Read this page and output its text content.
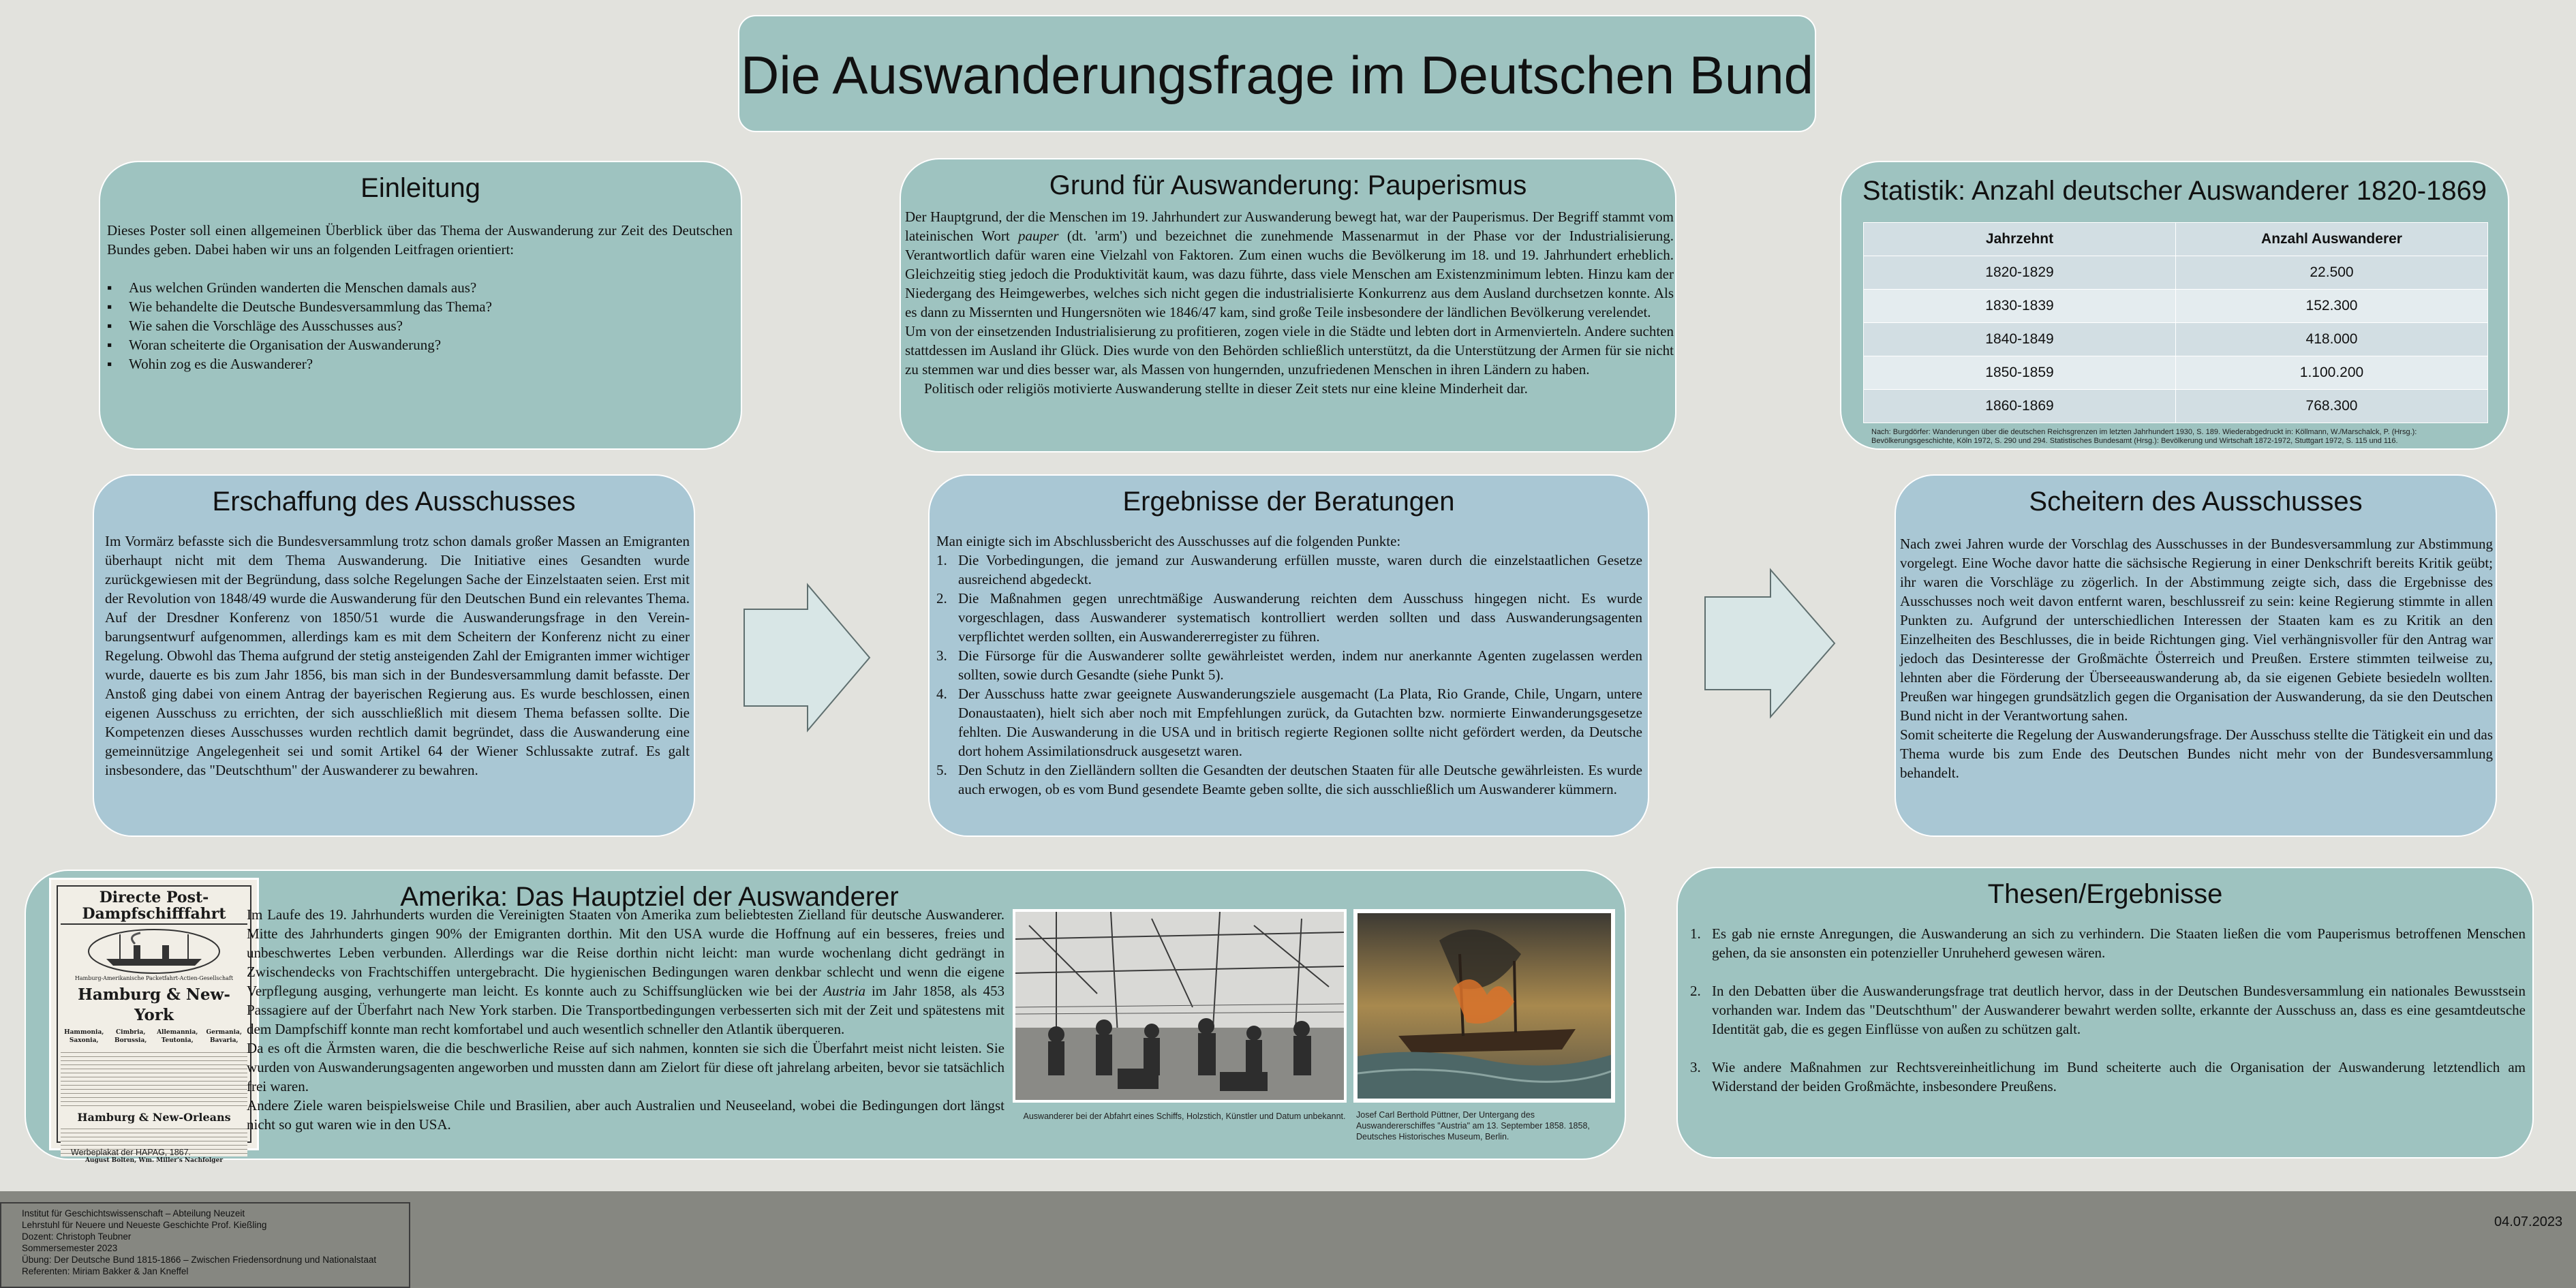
Die Auswanderungsfrage im Deutschen Bund
Einleitung

Dieses Poster soll einen allgemeinen Überblick über das Thema der Auswanderung zur Zeit des Deutschen Bundes geben. Dabei haben wir uns an folgenden Leitfragen orientiert:

▪ Aus welchen Gründen wanderten die Menschen damals aus?
▪ Wie behandelte die Deutsche Bundesversammlung das Thema?
▪ Wie sahen die Vorschläge des Ausschusses aus?
▪ Woran scheiterte die Organisation der Auswanderung?
▪ Wohin zog es die Auswanderer?
Grund für Auswanderung: Pauperismus

Der Hauptgrund, der die Menschen im 19. Jahrhundert zur Auswanderung bewegt hat, war der Pauperismus. Der Begriff stammt vom lateinischen Wort pauper (dt. 'arm') und bezeichnet die zunehmende Massenarmut in der Phase vor der Industrialisierung. Verantwortlich dafür waren eine Vielzahl von Faktoren. Zum einen wuchs die Bevölkerung im 18. und 19. Jahrhundert erheblich. Gleichzeitig stieg jedoch die Produktivität kaum, was dazu führte, dass viele Menschen am Existenzminimum lebten. Hinzu kam der Niedergang des Heimgewerbes, welches sich nicht gegen die industrialisierte Konkurrenz aus dem Ausland durchsetzen konnte. Als es dann zu Missernten und Hungersnöten wie 1846/47 kam, sind große Teile insbesondere der ländlichen Bevölkerung verelendet.

Um von der einsetzenden Industrialisierung zu profitieren, zogen viele in die Städte und lebten dort in Armenvierteln. Andere suchten stattdessen im Ausland ihr Glück. Dies wurde von den Behörden schließlich unterstützt, da die Unterstützung der Armen für sie nicht zu stemmen war und dies besser war, als Massen von hungernden, unzufriedenen Menschen in ihren Ländern zu haben.

Politisch oder religiös motivierte Auswanderung stellte in dieser Zeit stets nur eine kleine Minderheit dar.

Statistik: Anzahl deutscher Auswanderer 1820-1869
Jahrzehnt	Anzahl Auswanderer
1820-1829	22.500
1830-1839	152.300
1840-1849	418.000
1850-1859	1.100.200
1860-1869	768.300
Nach: Burgdörfer: Wanderungen über die deutschen Reichsgrenzen im letzten Jahrhundert 1930, S. 189. Wiederabgedruckt in: Köllmann, W./Marschalck, P. (Hrsg.): Bevölkerungsgeschichte, Köln 1972, S. 290 und 294. Statistisches Bundesamt (Hrsg.): Bevölkerung und Wirtschaft 1872-1972, Stuttgart 1972, S. 115 und 116.
Erschaffung des Ausschusses
Im Vormärz befasste sich die Bundesversammlung trotz schon damals großer Massen an Emigranten überhaupt nicht mit dem Thema Auswanderung. Die Initiative eines Gesandten wurde zurückgewiesen mit der Begründung, dass solche Regelungen Sache der Einzelstaaten seien. Erst mit der Revolution von 1848/49 wurde die Auswanderung für den Deutschen Bund ein relevantes Thema. Auf der Dresdner Konferenz von 1850/51 wurde die Auswanderungsfrage in den Vereinbarungsentwurf aufgenommen, allerdings kam es mit dem Scheitern der Konferenz nicht zu einer Regelung. Obwohl das Thema aufgrund der stetig ansteigenden Zahl der Emigranten immer wichtiger wurde, dauerte es bis zum Jahr 1856, bis man sich in der Bundesversammlung damit befasste. Der Anstoß ging dabei von einem Antrag der bayerischen Regierung aus. Es wurde beschlossen, einen eigenen Ausschuss zu errichten, der sich ausschließlich mit diesem Thema befassen sollte. Die Kompetenzen dieses Ausschusses wurden rechtlich damit begründet, dass die Auswanderung eine gemeinnützige Angelegenheit sei und somit Artikel 64 der Wiener Schlussakte zutraf. Es galt insbesondere, das "Deutschthum" der Auswanderer zu bewahren.
Ergebnisse der Beratungen

Man einigte sich im Abschlussbericht des Ausschusses auf die folgenden Punkte:

1. Die Vorbedingungen, die jemand zur Auswanderung erfüllen musste, waren durch die einzelstaatlichen Gesetze ausreichend abgedeckt.
2. Die Maßnahmen gegen unrechtmäßige Auswanderung reichten dem Ausschuss hingegen nicht. Es wurde vorgeschlagen, dass Auswanderer systematisch kontrolliert werden sollten und dass Auswanderungsagenten verpflichtet werden sollten, ein Auswandererregister zu führen.
3. Die Fürsorge für die Auswanderer sollte gewährleistet werden, indem nur anerkannte Agenten zugelassen werden sollten, sowie durch Gesandte (siehe Punkt 5).
4. Der Ausschuss hatte zwar geeignete Auswanderungsziele ausgemacht (La Plata, Rio Grande, Chile, Ungarn, untere Donaustaaten), hielt sich aber noch mit Empfehlungen zurück, da Gutachten bzw. normierte Einwanderungsgesetze fehlten. Die Auswanderung in die USA und in britisch regierte Regionen sollte nicht gefördert werden, da Deutsche dort hohem Assimilationsdruck ausgesetzt waren.
5. Den Schutz in den Zielländern sollten die Gesandten der deutschen Staaten für alle Deutsche gewährleisten. Es wurde auch erwogen, ob es vom Bund gesendete Beamte geben sollte, die sich ausschließlich um Auswanderer kümmern.
Scheitern des Ausschusses

Nach zwei Jahren wurde der Vorschlag des Ausschusses in der Bundesversammlung zur Abstimmung vorgelegt. Eine Woche davor hatte die sächsische Regierung in einer Denkschrift bereits Kritik geübt; ihr waren die Vorschläge zu zögerlich. In der Abstimmung zeigte sich, dass die Ergebnisse des Ausschusses noch weit davon entfernt waren, beschlussreif zu sein: keine Regierung stimmte in allen Punkten zu. Aufgrund der unterschiedlichen Interessen der Staaten kam es zu Kritik an den Einzelheiten des Beschlusses, die in beide Richtungen ging. Viel verhängnisvoller für den Antrag war jedoch das Desinteresse der Großmächte Österreich und Preußen. Erstere stimmten teilweise zu, lehnten aber die Förderung der Überseeauswanderung ab, da sie eigenen Gebiete besiedeln wollten. Preußen war hingegen grundsätzlich gegen die Organisation der Auswanderung, da sie den Deutschen Bund nicht in der Verantwortung sahen.

Somit scheiterte die Regelung der Auswanderungsfrage. Der Ausschuss stellte die Tätigkeit ein und das Thema wurde bis zum Ende des Deutschen Bundes nicht mehr von der Bundesversammlung behandelt.

Amerika: Das Hauptziel der Auswanderer
Directe Post-Dampfschifffahrt
Hamburg-Amerikanische Packetfahrt-Actien-Gesellschaft
Hamburg & New-York
Hammonia,	Cimbria,	Allemannia,	Germania,
Saxonia,	Borussia,	Teutonia,	Bavaria,
Hamburg & New-Orleans
August Bolten, Wm. Miller's Nachfolger
Werbeplakat der HAPAG, 1867.

Im Laufe des 19. Jahrhunderts wurden die Vereinigten Staaten von Amerika zum beliebtesten Zielland für deutsche Auswanderer. Mitte des Jahrhunderts gingen 90% der Emigranten dorthin. Mit den USA wurde die Hoffnung auf ein besseres, freies und unbeschwertes Leben verbunden. Allerdings war die Reise dorthin nicht leicht: man wurde wochenlang dicht gedrängt in Zwischendecks von Frachtschiffen untergebracht. Die hygienischen Bedingungen waren denkbar schlecht und wenn die eigene Verpflegung ausging, verhungerte man leicht. Es konnte auch zu Schiffsunglücken wie bei der Austria im Jahr 1858, als 453 Passagiere auf der Überfahrt nach New York starben. Die Transportbedingungen verbesserten sich mit der Zeit und spätestens mit dem Dampfschiff konnte man recht komfortabel und auch wesentlich schneller den Atlantik überqueren.

Da es oft die Ärmsten waren, die die beschwerliche Reise auf sich nahmen, konnten sie sich die Überfahrt meist nicht leisten. Sie wurden von Auswanderungsagenten angeworben und mussten dann am Zielort für diese oft jahrelang arbeiten, bevor sie tatsächlich frei waren.

Andere Ziele waren beispielsweise Chile und Brasilien, aber auch Australien und Neuseeland, wobei die Bedingungen dort längst nicht so gut waren wie in den USA.	Auswanderer bei der Abfahrt eines Schiffs, Holzstich, Künstler und Datum unbekannt. Josef Carl Berthold Püttner, Der Untergang des Auswandererschiffes "Austria" am 13. September 1858. 1858, Deutsches Historisches Museum, Berlin.
Thesen/Ergebnisse
1. Es gab nie ernste Anregungen, die Auswanderung an sich zu verhindern. Die Staaten ließen die vom Pauperismus betroffenen Menschen gehen, da sie ansonsten ein potenzieller Unruheherd gewesen wären.
2. In den Debatten über die Auswanderungsfrage trat deutlich hervor, dass in der Deutschen Bundesversammlung ein nationales Bewusstsein vorhanden war. Indem das "Deutschthum" der Auswanderer bewahrt werden sollte, erkannte der Ausschuss an, dass es eine gesamtdeutsche Identität gab, die es gegen Einflüsse von außen zu schützen galt.
3. Wie andere Maßnahmen zur Rechtsvereinheitlichung im Bund scheiterte auch die Organisation der Auswanderung letztendlich am Widerstand der beiden Großmächte, insbesondere Preußens.
Institut für Geschichtswissenschaft – Abteilung Neuzeit
Lehrstuhl für Neuere und Neueste Geschichte Prof. Kießling
Dozent: Christoph Teubner
Sommersemester 2023
Übung: Der Deutsche Bund 1815-1866 – Zwischen Friedensordnung und Nationalstaat
Referenten: Miriam Bakker & Jan Kneffel
04.07.2023
